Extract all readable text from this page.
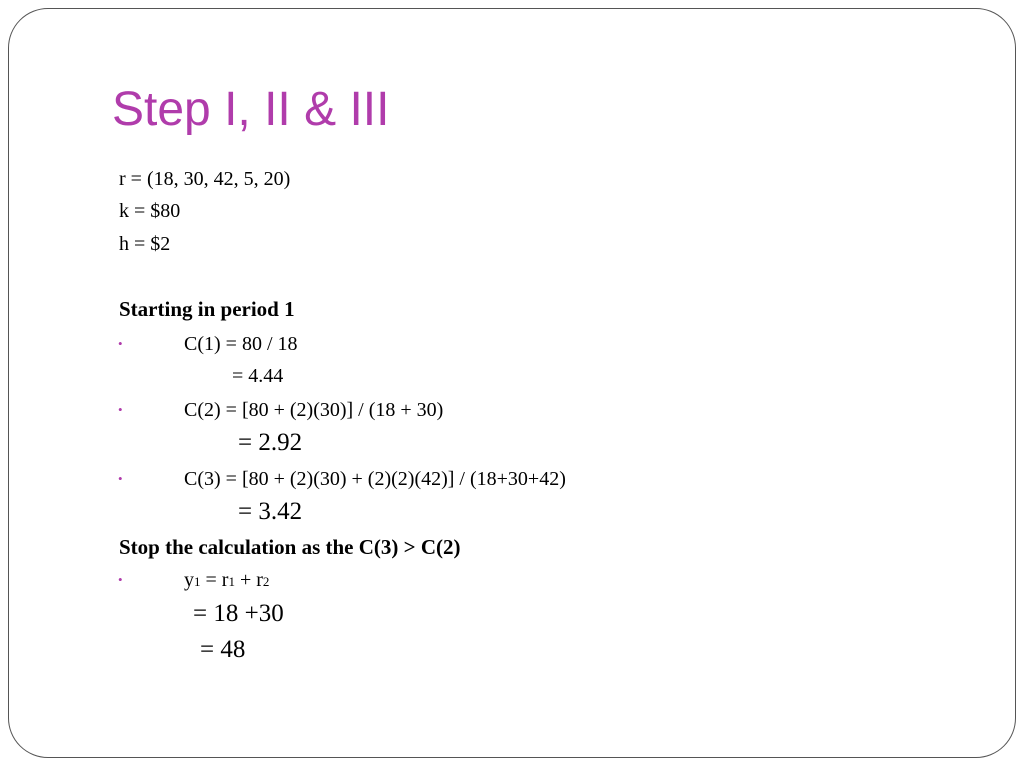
Step I, II & III
r = (18, 30, 42, 5, 20)
k = $80
h = $2
Starting in period 1
•	C(1) = 80 / 18
= 4.44
•	C(2) = [80 + (2)(30)] / (18 + 30)
= 2.92
•	C(3) = [80 + (2)(30) + (2)(2)(42)] / (18+30+42)
= 3.42
Stop the calculation as the C(3) > C(2)
•	y1 = r1 + r2
= 18 +30
= 48
